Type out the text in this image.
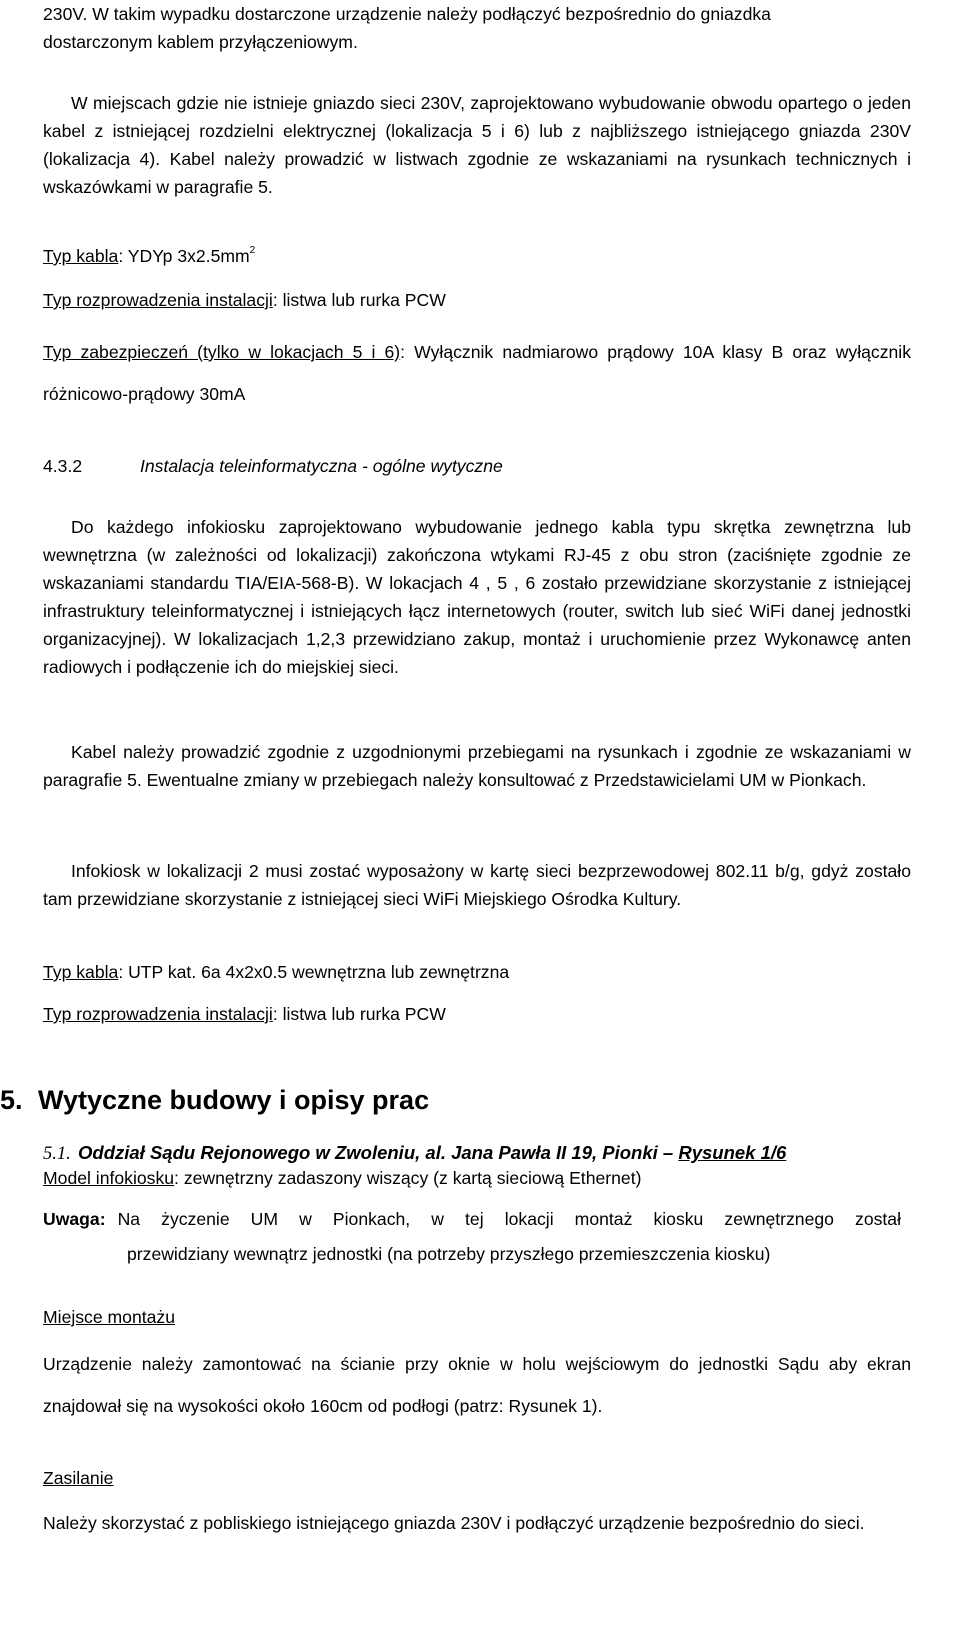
230V. W takim wypadku dostarczone urządzenie należy podłączyć bezpośrednio do gniazdka
dostarczonym kablem przyłączeniowym.
W miejscach gdzie nie istnieje gniazdo sieci 230V, zaprojektowano wybudowanie obwodu opartego o jeden kabel z istniejącej rozdzielni elektrycznej (lokalizacja 5 i 6) lub z najbliższego istniejącego gniazda 230V (lokalizacja 4). Kabel należy prowadzić w listwach zgodnie ze wskazaniami na rysunkach technicznych i wskazówkami w paragrafie 5.
Typ kabla: YDYp $3x2.5mm^2$
Typ rozprowadzenia instalacji: listwa lub rurka PCW
Typ zabezpieczeń (tylko w lokacjach 5 i 6): Wyłącznik nadmiarowo prądowy 10A klasy B oraz wyłącznik różnicowo-prądowy 30mA
4.3.2	Instalacja teleinformatyczna - ogólne wytyczne
Do każdego infokiosku zaprojektowano wybudowanie jednego kabla typu skrętka zewnętrzna lub wewnętrzna (w zależności od lokalizacji) zakończona wtykami RJ-45 z obu stron (zaciśnięte zgodnie ze wskazaniami standardu TIA/EIA-568-B). W lokacjach 4 , 5 , 6 zostało przewidziane skorzystanie z istniejącej infrastruktury teleinformatycznej i istniejących łącz internetowych (router, switch lub sieć WiFi danej jednostki organizacyjnej). W lokalizacjach 1,2,3 przewidziano zakup, montaż i uruchomienie przez Wykonawcę anten radiowych i podłączenie ich do miejskiej sieci.
Kabel należy prowadzić zgodnie z uzgodnionymi przebiegami na rysunkach i zgodnie ze wskazaniami w paragrafie 5. Ewentualne zmiany w przebiegach należy konsultować z Przedstawicielami UM w Pionkach.
Infokiosk w lokalizacji 2 musi zostać wyposażony w kartę sieci bezprzewodowej 802.11 b/g, gdyż zostało tam przewidziane skorzystanie z istniejącej sieci WiFi Miejskiego Ośrodka Kultury.
Typ kabla: UTP kat. 6a 4x2x0.5 wewnętrzna lub zewnętrzna
Typ rozprowadzenia instalacji: listwa lub rurka PCW
5. Wytyczne budowy i opisy prac
5.1. Oddział Sądu Rejonowego w Zwoleniu, al. Jana Pawła II 19, Pionki – Rysunek 1/6
Model infokiosku: zewnętrzny zadaszony wiszący (z kartą sieciową Ethernet)
Uwaga: Na życzenie UM w Pionkach, w tej lokacji montaż kiosku zewnętrznego został
przewidziany wewnątrz jednostki (na potrzeby przyszłego przemieszczenia kiosku)
Miejsce montażu
Urządzenie należy zamontować na ścianie przy oknie w holu wejściowym do jednostki Sądu aby ekran znajdował się na wysokości około 160cm od podłogi (patrz: Rysunek 1).
Zasilanie
Należy skorzystać z pobliskiego istniejącego gniazda 230V i podłączyć urządzenie bezpośrednio do sieci.
